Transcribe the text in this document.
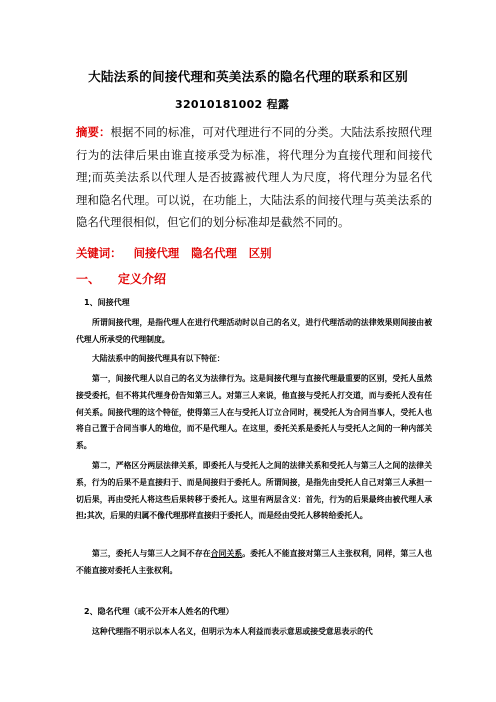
大陆法系的间接代理和英美法系的隐名代理的联系和区别
32010181002 程露
摘要：根据不同的标准，可对代理进行不同的分类。大陆法系按照代理行为的法律后果由谁直接承受为标准，将代理分为直接代理和间接代理;而英美法系以代理人是否披露被代理人为尺度，将代理分为显名代理和隐名代理。可以说，在功能上，大陆法系的间接代理与英美法系的隐名代理很相似，但它们的划分标准却是截然不同的。
关键词： 间接代理 隐名代理 区别
一、 定义介绍
1、间接代理
所谓间接代理，是指代理人在进行代理活动时以自己的名义，进行代理活动的法律效果则间接由被代理人所承受的代理制度。
大陆法系中的间接代理具有以下特征：
第一，间接代理人以自己的名义为法律行为。这是间接代理与直接代理最重要的区别，受托人虽然接受委托，但不将其代理身份告知第三人。对第三人来说，他直接与受托人打交道，而与委托人没有任何关系。间接代理的这个特征，使得第三人在与受托人订立合同时，视受托人为合同当事人，受托人也将自己置于合同当事人的地位，而不是代理人。在这里，委托关系是委托人与受托人之间的一种内部关系。
第二，严格区分两层法律关系，即委托人与受托人之间的法律关系和受托人与第三人之间的法律关系，行为的后果不是直接归于、而是间接归于委托人。所谓间接，是指先由受托人自己对第三人承担一切后果，再由受托人将这些后果转移于委托人。这里有两层含义：首先，行为的后果最终由被代理人承担;其次，后果的归属不像代理那样直接归于委托人，而是经由受托人移转给委托人。
第三，委托人与第三人之间不存在合同关系。委托人不能直接对第三人主张权利，同样，第三人也不能直接对委托人主张权利。
2、隐名代理（或不公开本人姓名的代理）
这种代理指不明示以本人名义，但明示为本人利益而表示意思或接受意思表示的代
